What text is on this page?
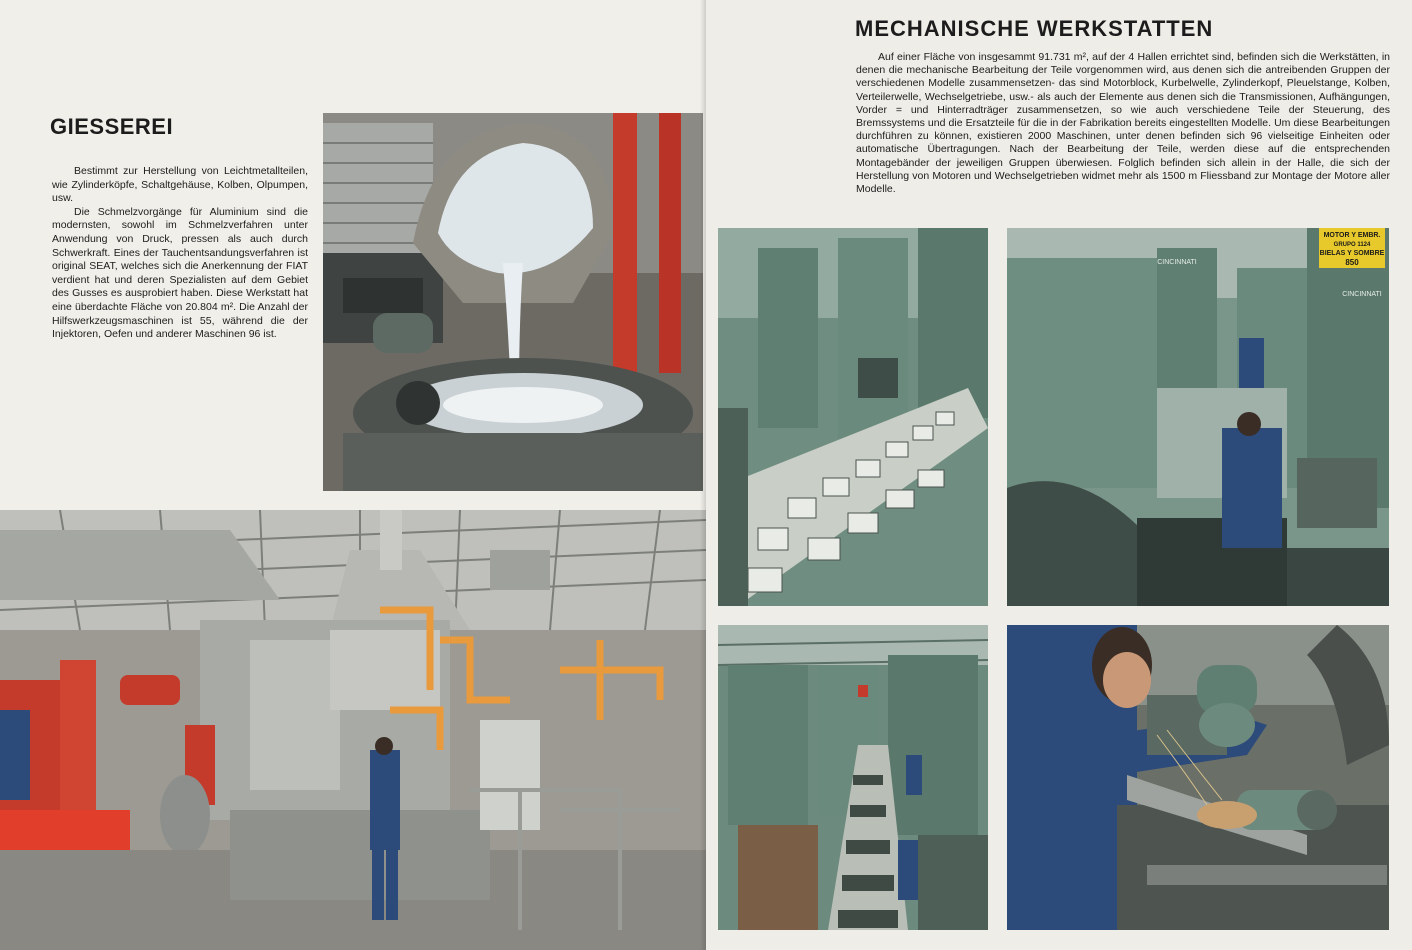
GIESSEREI

Bestimmt zur Herstellung von Leichtmetallteilen, wie Zylinderköpfe, Schaltgehäuse, Kolben, Olpumpen, usw.

Die Schmelzvorgänge für Aluminium sind die modernsten, sowohl im Schmelzverfahren unter Anwendung von Druck, pressen als auch durch Schwerkraft. Eines der Tauchentsandungsverfahren ist original SEAT, welches sich die Anerkennung der FIAT verdient hat und deren Spezialisten auf dem Gebiet des Gusses es ausprobiert haben. Diese Werkstatt hat eine überdachte Fläche von 20.804 m². Die Anzahl der Hilfswerkzeugsmaschinen ist 55, während die der Injektoren, Oefen und anderer Maschinen 96 ist.

MECHANISCHE WERKSTATTEN

Auf einer Fläche von insgesammt 91.731 m², auf der 4 Hallen errichtet sind, befinden sich die Werkstätten, in denen die mechanische Bearbeitung der Teile vorgenommen wird, aus denen sich die antreibenden Gruppen der verschiedenen Modelle zusammensetzen- das sind Motorblock, Kurbelwelle, Zylinderkopf, Pleuelstange, Kolben, Verteilerwelle, Wechselgetriebe, usw.- als auch der Elemente aus denen sich die Transmissionen, Aufhängungen, Vorder = und Hinterradträger zusammensetzen, so wie auch verschiedene Teile der Steuerung, des Bremssystems und die Ersatzteile für die in der Fabrikation bereits eingestellten Modelle. Um diese Bearbeitungen durchführen zu können, existieren 2000 Maschinen, unter denen befinden sich 96 vielseitige Einheiten oder automatische Übertragungen. Nach der Bearbeitung der Teile, werden diese auf die entsprechenden Montagebänder der jeweiligen Gruppen überwiesen. Folglich befinden sich allein in der Halle, die sich der Herstellung von Motoren und Wechselgetrieben widmet mehr als 1500 m Fliessband zur Montage der Motore aller Modelle.

MOTOR Y EMBR.
GRUPO 1124
BIELAS Y SOMBRE
850
CINCINNATI
CINCINNATI
